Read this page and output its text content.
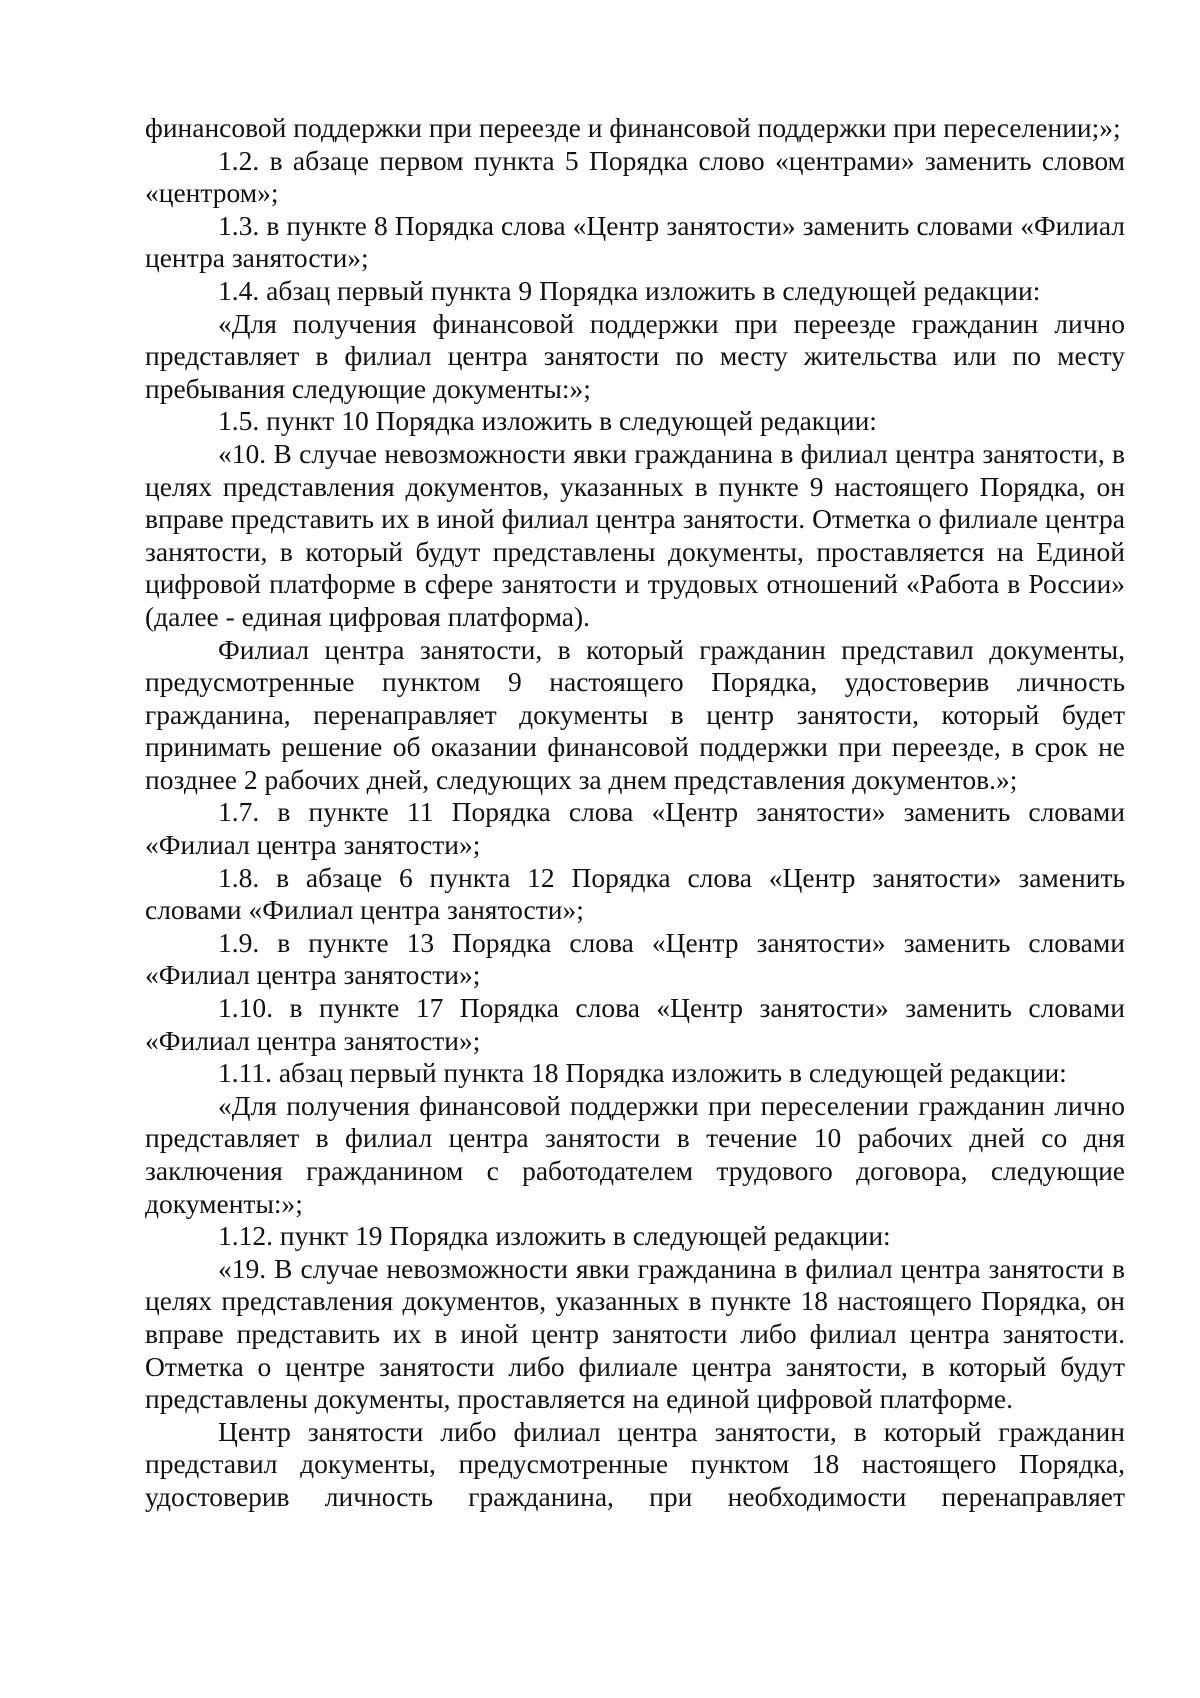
финансовой поддержки при переезде и финансовой поддержки при переселении;»;

1.2. в абзаце первом пункта 5 Порядка слово «центрами» заменить словом «центром»;

1.3. в пункте 8 Порядка слова «Центр занятости» заменить словами «Филиал центра занятости»;

1.4. абзац первый пункта 9 Порядка изложить в следующей редакции:

«Для получения финансовой поддержки при переезде гражданин лично представляет в филиал центра занятости по месту жительства или по месту пребывания следующие документы:»;

1.5. пункт 10 Порядка изложить в следующей редакции:

«10. В случае невозможности явки гражданина в филиал центра занятости, в целях представления документов, указанных в пункте 9 настоящего Порядка, он вправе представить их в иной филиал центра занятости. Отметка о филиале центра занятости, в который будут представлены документы, проставляется на Единой цифровой платформе в сфере занятости и трудовых отношений «Работа в России» (далее - единая цифровая платформа).

Филиал центра занятости, в который гражданин представил документы, предусмотренные пунктом 9 настоящего Порядка, удостоверив личность гражданина, перенаправляет документы в центр занятости, который будет принимать решение об оказании финансовой поддержки при переезде, в срок не позднее 2 рабочих дней, следующих за днем представления документов.»;

1.7. в пункте 11 Порядка слова «Центр занятости» заменить словами «Филиал центра занятости»;

1.8. в абзаце 6 пункта 12 Порядка слова «Центр занятости» заменить словами «Филиал центра занятости»;

1.9. в пункте 13 Порядка слова «Центр занятости» заменить словами «Филиал центра занятости»;

1.10. в пункте 17 Порядка слова «Центр занятости» заменить словами «Филиал центра занятости»;

1.11. абзац первый пункта 18 Порядка изложить в следующей редакции:

«Для получения финансовой поддержки при переселении гражданин лично представляет в филиал центра занятости в течение 10 рабочих дней со дня заключения гражданином с работодателем трудового договора, следующие документы:»;

1.12. пункт 19 Порядка изложить в следующей редакции:

«19. В случае невозможности явки гражданина в филиал центра занятости в целях представления документов, указанных в пункте 18 настоящего Порядка, он вправе представить их в иной центр занятости либо филиал центра занятости. Отметка о центре занятости либо филиале центра занятости, в который будут представлены документы, проставляется на единой цифровой платформе.

Центр занятости либо филиал центра занятости, в который гражданин представил документы, предусмотренные пунктом 18 настоящего Порядка, удостоверив личность гражданина, при необходимости перенаправляет
